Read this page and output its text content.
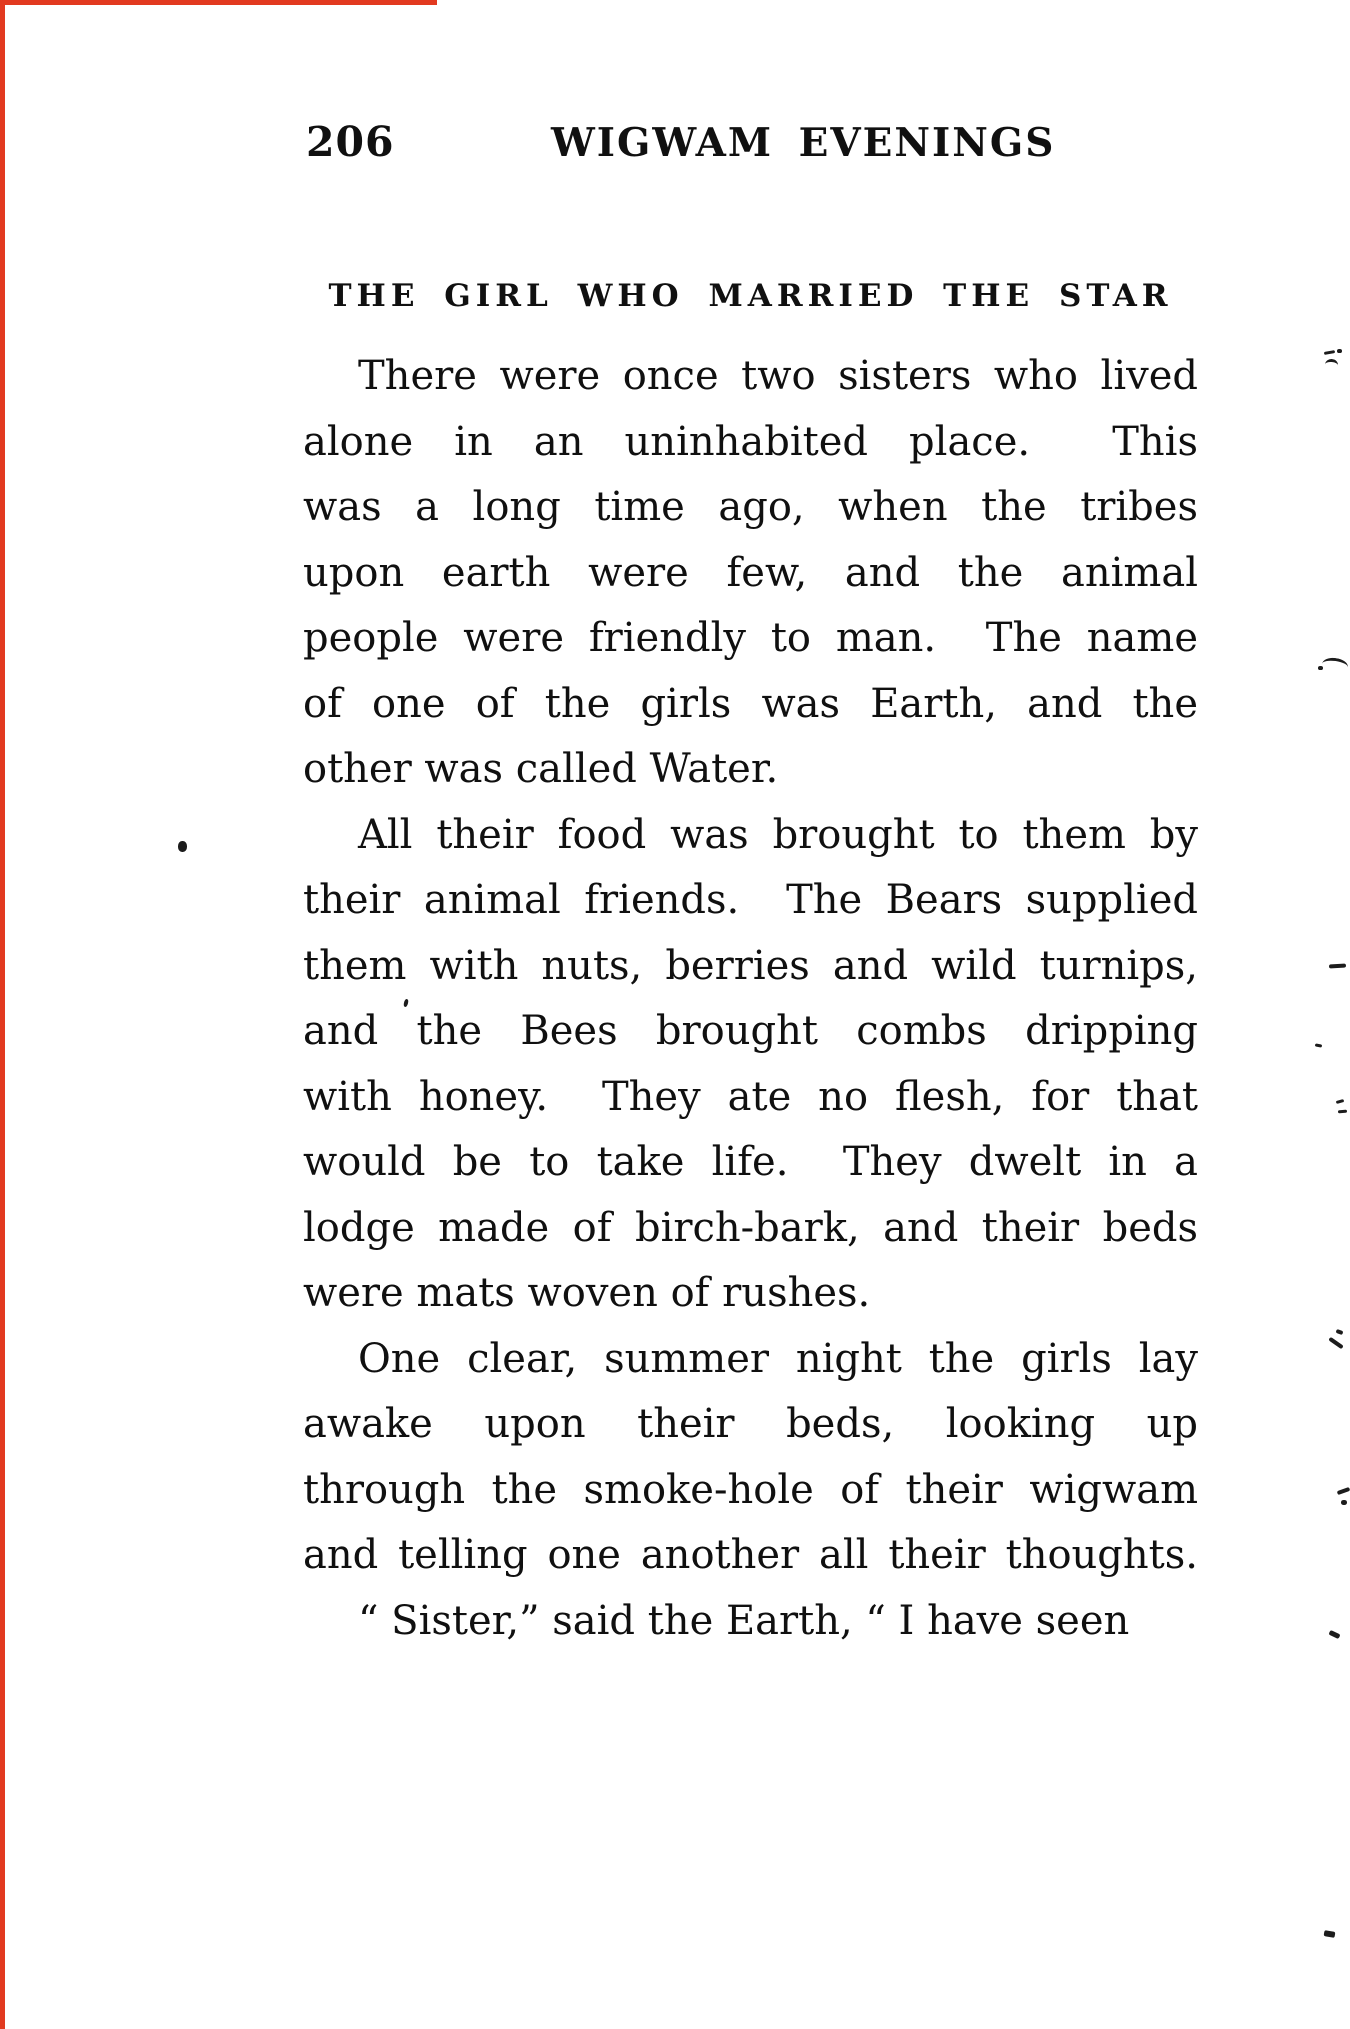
206	WIGWAM EVENINGS
THE GIRL WHO MARRIED THE STAR
There were once two sisters who lived
alone in an uninhabited place.  This
was a long time ago, when the tribes
upon earth were few, and the animal
people were friendly to man.  The name
of one of the girls was Earth, and the
other was called Water.
All their food was brought to them by
their animal friends.  The Bears supplied
them with nuts, berries and wild turnips,
and the Bees brought combs dripping
with honey.  They ate no flesh, for that
would be to take life.  They dwelt in a
lodge made of birch-bark, and their beds
were mats woven of rushes.
One clear, summer night the girls lay
awake upon their beds, looking up
through the smoke-hole of their wigwam
and telling one another all their thoughts.
“ Sister,” said the Earth, “ I have seen
